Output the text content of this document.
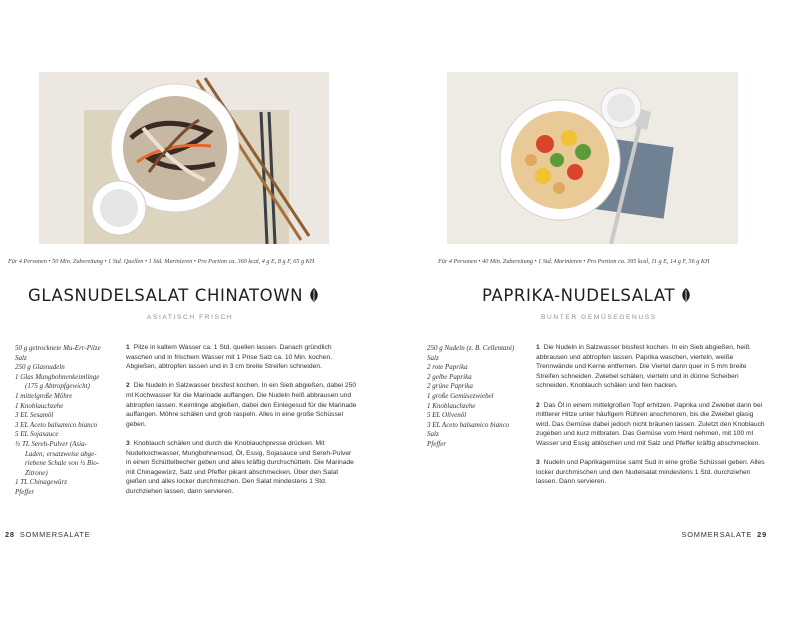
Für 4 Personen • 50 Min. Zubereitung • 1 Std. Quellen • 1 Std. Marinieren • Pro Portion ca. 360 kcal, 4 g E, 8 g F, 65 g KH
GLASNUDELSALAT CHINATOWN
ASIATISCH FRISCH
50 g getrocknete Mu-Err-Pilze
Salz
250 g Glasnudeln
1 Glas Mungbohnenkeimlinge
(175 g Abtropfgewicht)
1 mittelgroße Möhre
1 Knoblauchzehe
3 EL Sesamöl
3 EL Aceto balsamico bianco
5 EL Sojasauce
½ TL Sereh-Pulver (Asia-
Laden; ersatzweise abge-
riebene Schale von ½ Bio-
Zitrone)
1 TL Chinagewürz
Pfeffer

1 Pilze in kaltem Wasser ca. 1 Std. quellen lassen. Danach gründlich waschen und in frischem Wasser mit 1 Prise Salz ca. 10 Min. kochen. Abgießen, abtropfen lassen und in 3 cm breite Streifen schneiden.

2 Die Nudeln in Salzwasser bissfest kochen. In ein Sieb abgießen, dabei 250 ml Kochwasser für die Marinade auffangen. Die Nudeln heiß abbrausen und abtropfen lassen. Keimlinge abgießen, dabei den Einlegesud für die Marinade auffangen. Möhre schälen und grob raspeln. Alles in eine große Schüssel geben.

3 Knoblauch schälen und durch die Knoblauchpresse drücken. Mit Nudelkochwasser, Mungbohnensud, Öl, Essig, Sojasauce und Sereh-Pulver in einen Schüttelbecher geben und alles kräftig durchschütteln. Die Marinade mit Chinagewürz, Salz und Pfeffer pikant abschmecken. Über den Salat gießen und alles locker durchmischen. Den Salat mindestens 1 Std. durchziehen lassen, dann servieren.

28 SOMMERSALATE
Für 4 Personen • 40 Min. Zubereitung • 1 Std. Marinieren • Pro Portion ca. 395 kcal, 11 g E, 14 g F, 56 g KH
PAPRIKA-NUDELSALAT
BUNTER GEMÜSEGENUSS
250 g Nudeln (z. B. Cellentani)
Salz
2 rote Paprika
2 gelbe Paprika
2 grüne Paprika
1 große Gemüsezwiebel
1 Knoblauchzehe
5 EL Olivenöl
3 EL Aceto balsamico bianco
Salz
Pfeffer

1 Die Nudeln in Salzwasser bissfest kochen. In ein Sieb abgießen, heiß abbrausen und abtropfen lassen. Paprika waschen, vierteln, weiße Trennwände und Kerne entfernen. Die Viertel dann quer in 5 mm breite Streifen schneiden. Zwiebel schälen, vierteln und in dünne Scheiben schneiden. Knoblauch schälen und fein hacken.

2 Das Öl in einem mittelgroßen Topf erhitzen. Paprika und Zwiebel darin bei mittlerer Hitze unter häufigem Rühren anschmoren, bis die Zwiebel glasig wird. Das Gemüse dabei jedoch nicht bräunen lassen. Zuletzt den Knoblauch zugeben und kurz mitbraten. Das Gemüse vom Herd nehmen, mit 100 ml Wasser und Essig ablöschen und mit Salz und Pfeffer kräftig abschmecken.

3 Nudeln und Paprikagemüse samt Sud in eine große Schüssel geben. Alles locker durchmischen und den Nudelsalat mindestens 1 Std. durchziehen lassen. Dann servieren.

SOMMERSALATE 29
